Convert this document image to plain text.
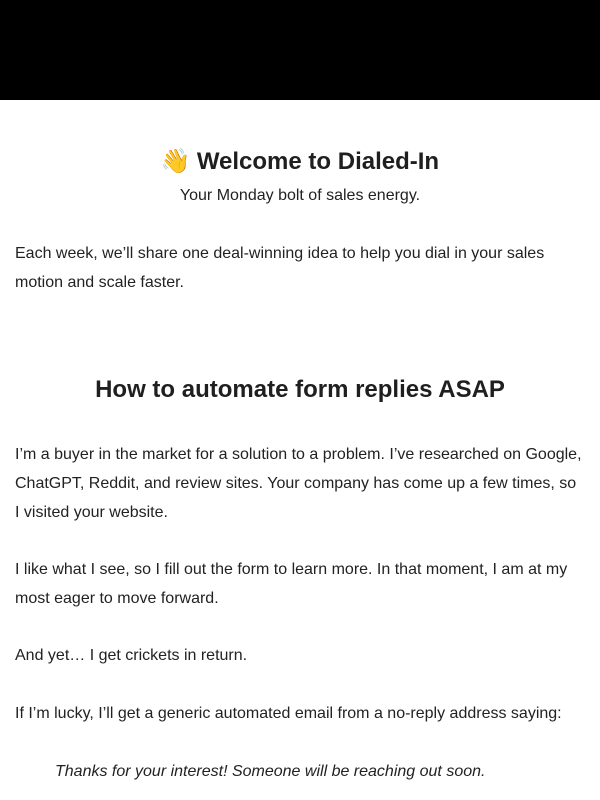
👋 Welcome to Dialed-In

Your Monday bolt of sales energy.

Each week, we’ll share one deal-winning idea to help you dial in your sales motion and scale faster.

How to automate form replies ASAP

I’m a buyer in the market for a solution to a problem. I’ve researched on Google, ChatGPT, Reddit, and review sites. Your company has come up a few times, so I visited your website.

I like what I see, so I fill out the form to learn more. In that moment, I am at my most eager to move forward.

And yet… I get crickets in return.

If I’m lucky, I’ll get a generic automated email from a no-reply address saying:

Thanks for your interest! Someone will be reaching out soon.
